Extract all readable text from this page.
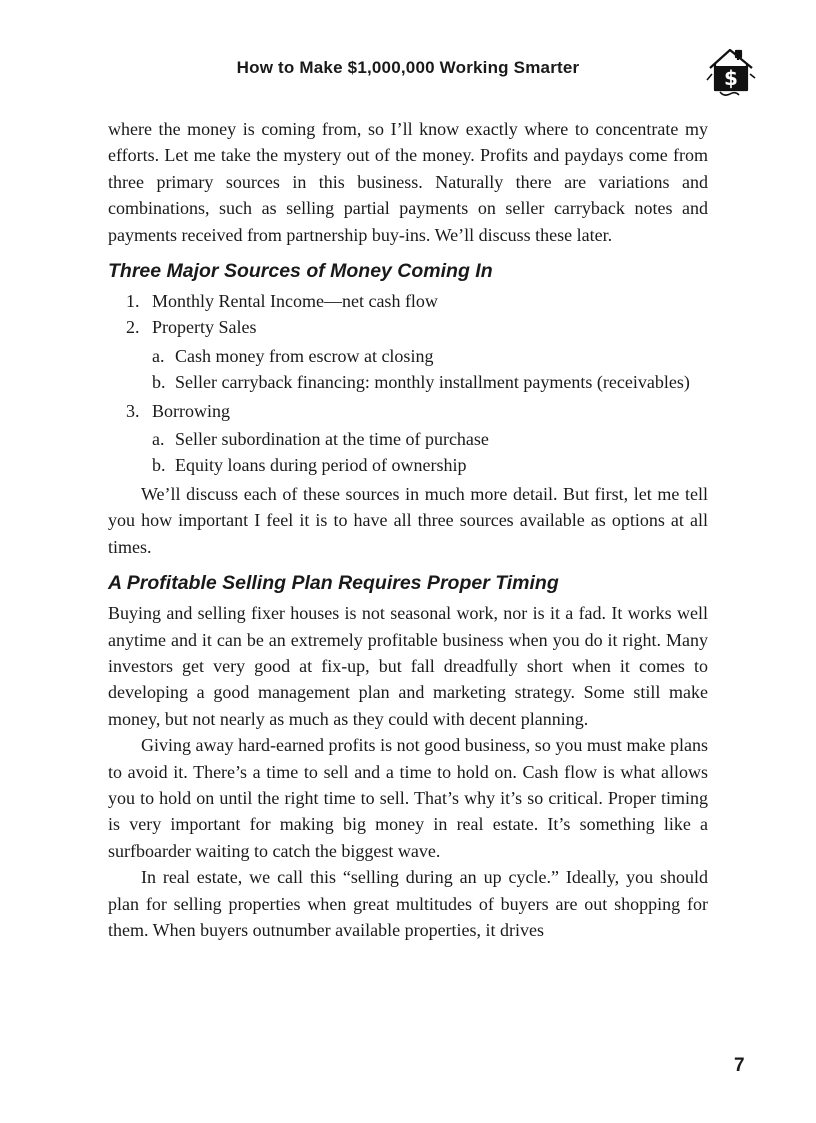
How to Make $1,000,000 Working Smarter	$

where the money is coming from, so I’ll know exactly where to concentrate my efforts. Let me take the mystery out of the money. Profits and paydays come from three primary sources in this business. Naturally there are variations and combinations, such as selling partial payments on seller carryback notes and payments received from partnership buy-ins. We’ll discuss these later.

Three Major Sources of Money Coming In
1. Monthly Rental Income—net cash flow
2. Property Sales
a. Cash money from escrow at closing
b. Seller carryback financing: monthly installment payments (receivables)
3. Borrowing
a. Seller subordination at the time of purchase
b. Equity loans during period of ownership

We’ll discuss each of these sources in much more detail. But first, let me tell you how important I feel it is to have all three sources available as options at all times.

A Profitable Selling Plan Requires Proper Timing

Buying and selling fixer houses is not seasonal work, nor is it a fad. It works well anytime and it can be an extremely profitable business when you do it right. Many investors get very good at fix-up, but fall dreadfully short when it comes to developing a good management plan and marketing strategy. Some still make money, but not nearly as much as they could with decent planning.

Giving away hard-earned profits is not good business, so you must make plans to avoid it. There’s a time to sell and a time to hold on. Cash flow is what allows you to hold on until the right time to sell. That’s why it’s so critical. Proper timing is very important for making big money in real estate. It’s something like a surfboarder waiting to catch the biggest wave.

In real estate, we call this “selling during an up cycle.” Ideally, you should plan for selling properties when great multitudes of buyers are out shopping for them. When buyers outnumber available properties, it drives

7
